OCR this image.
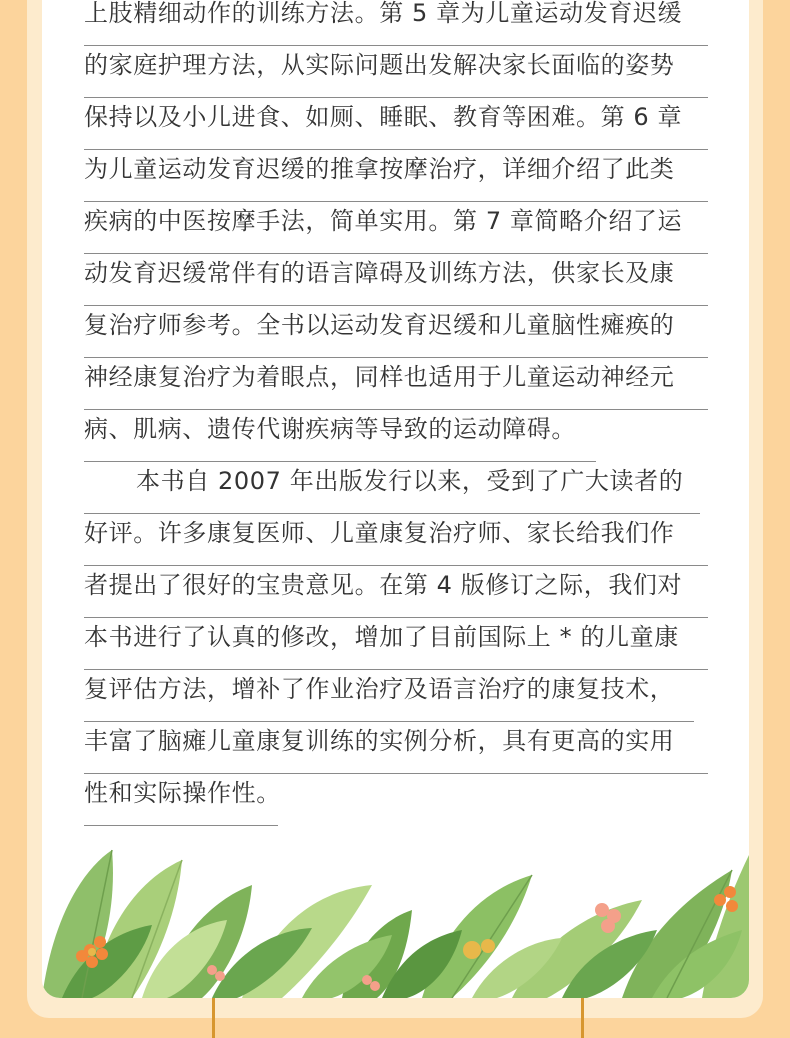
上肢精细动作的训练方法。第 5 章为儿童运动发育迟缓
的家庭护理方法，从实际问题出发解决家长面临的姿势
保持以及小儿进食、如厕、睡眠、教育等困难。第 6 章
为儿童运动发育迟缓的推拿按摩治疗，详细介绍了此类
疾病的中医按摩手法，简单实用。第 7 章简略介绍了运
动发育迟缓常伴有的语言障碍及训练方法，供家长及康
复治疗师参考。全书以运动发育迟缓和儿童脑性瘫痪的
神经康复治疗为着眼点，同样也适用于儿童运动神经元
病、肌病、遗传代谢疾病等导致的运动障碍。
本书自 2007 年出版发行以来，受到了广大读者的
好评。许多康复医师、儿童康复治疗师、家长给我们作
者提出了很好的宝贵意见。在第 4 版修订之际，我们对
本书进行了认真的修改，增加了目前国际上 * 的儿童康
复评估方法，增补了作业治疗及语言治疗的康复技术，
丰富了脑瘫儿童康复训练的实例分析，具有更高的实用
性和实际操作性。
